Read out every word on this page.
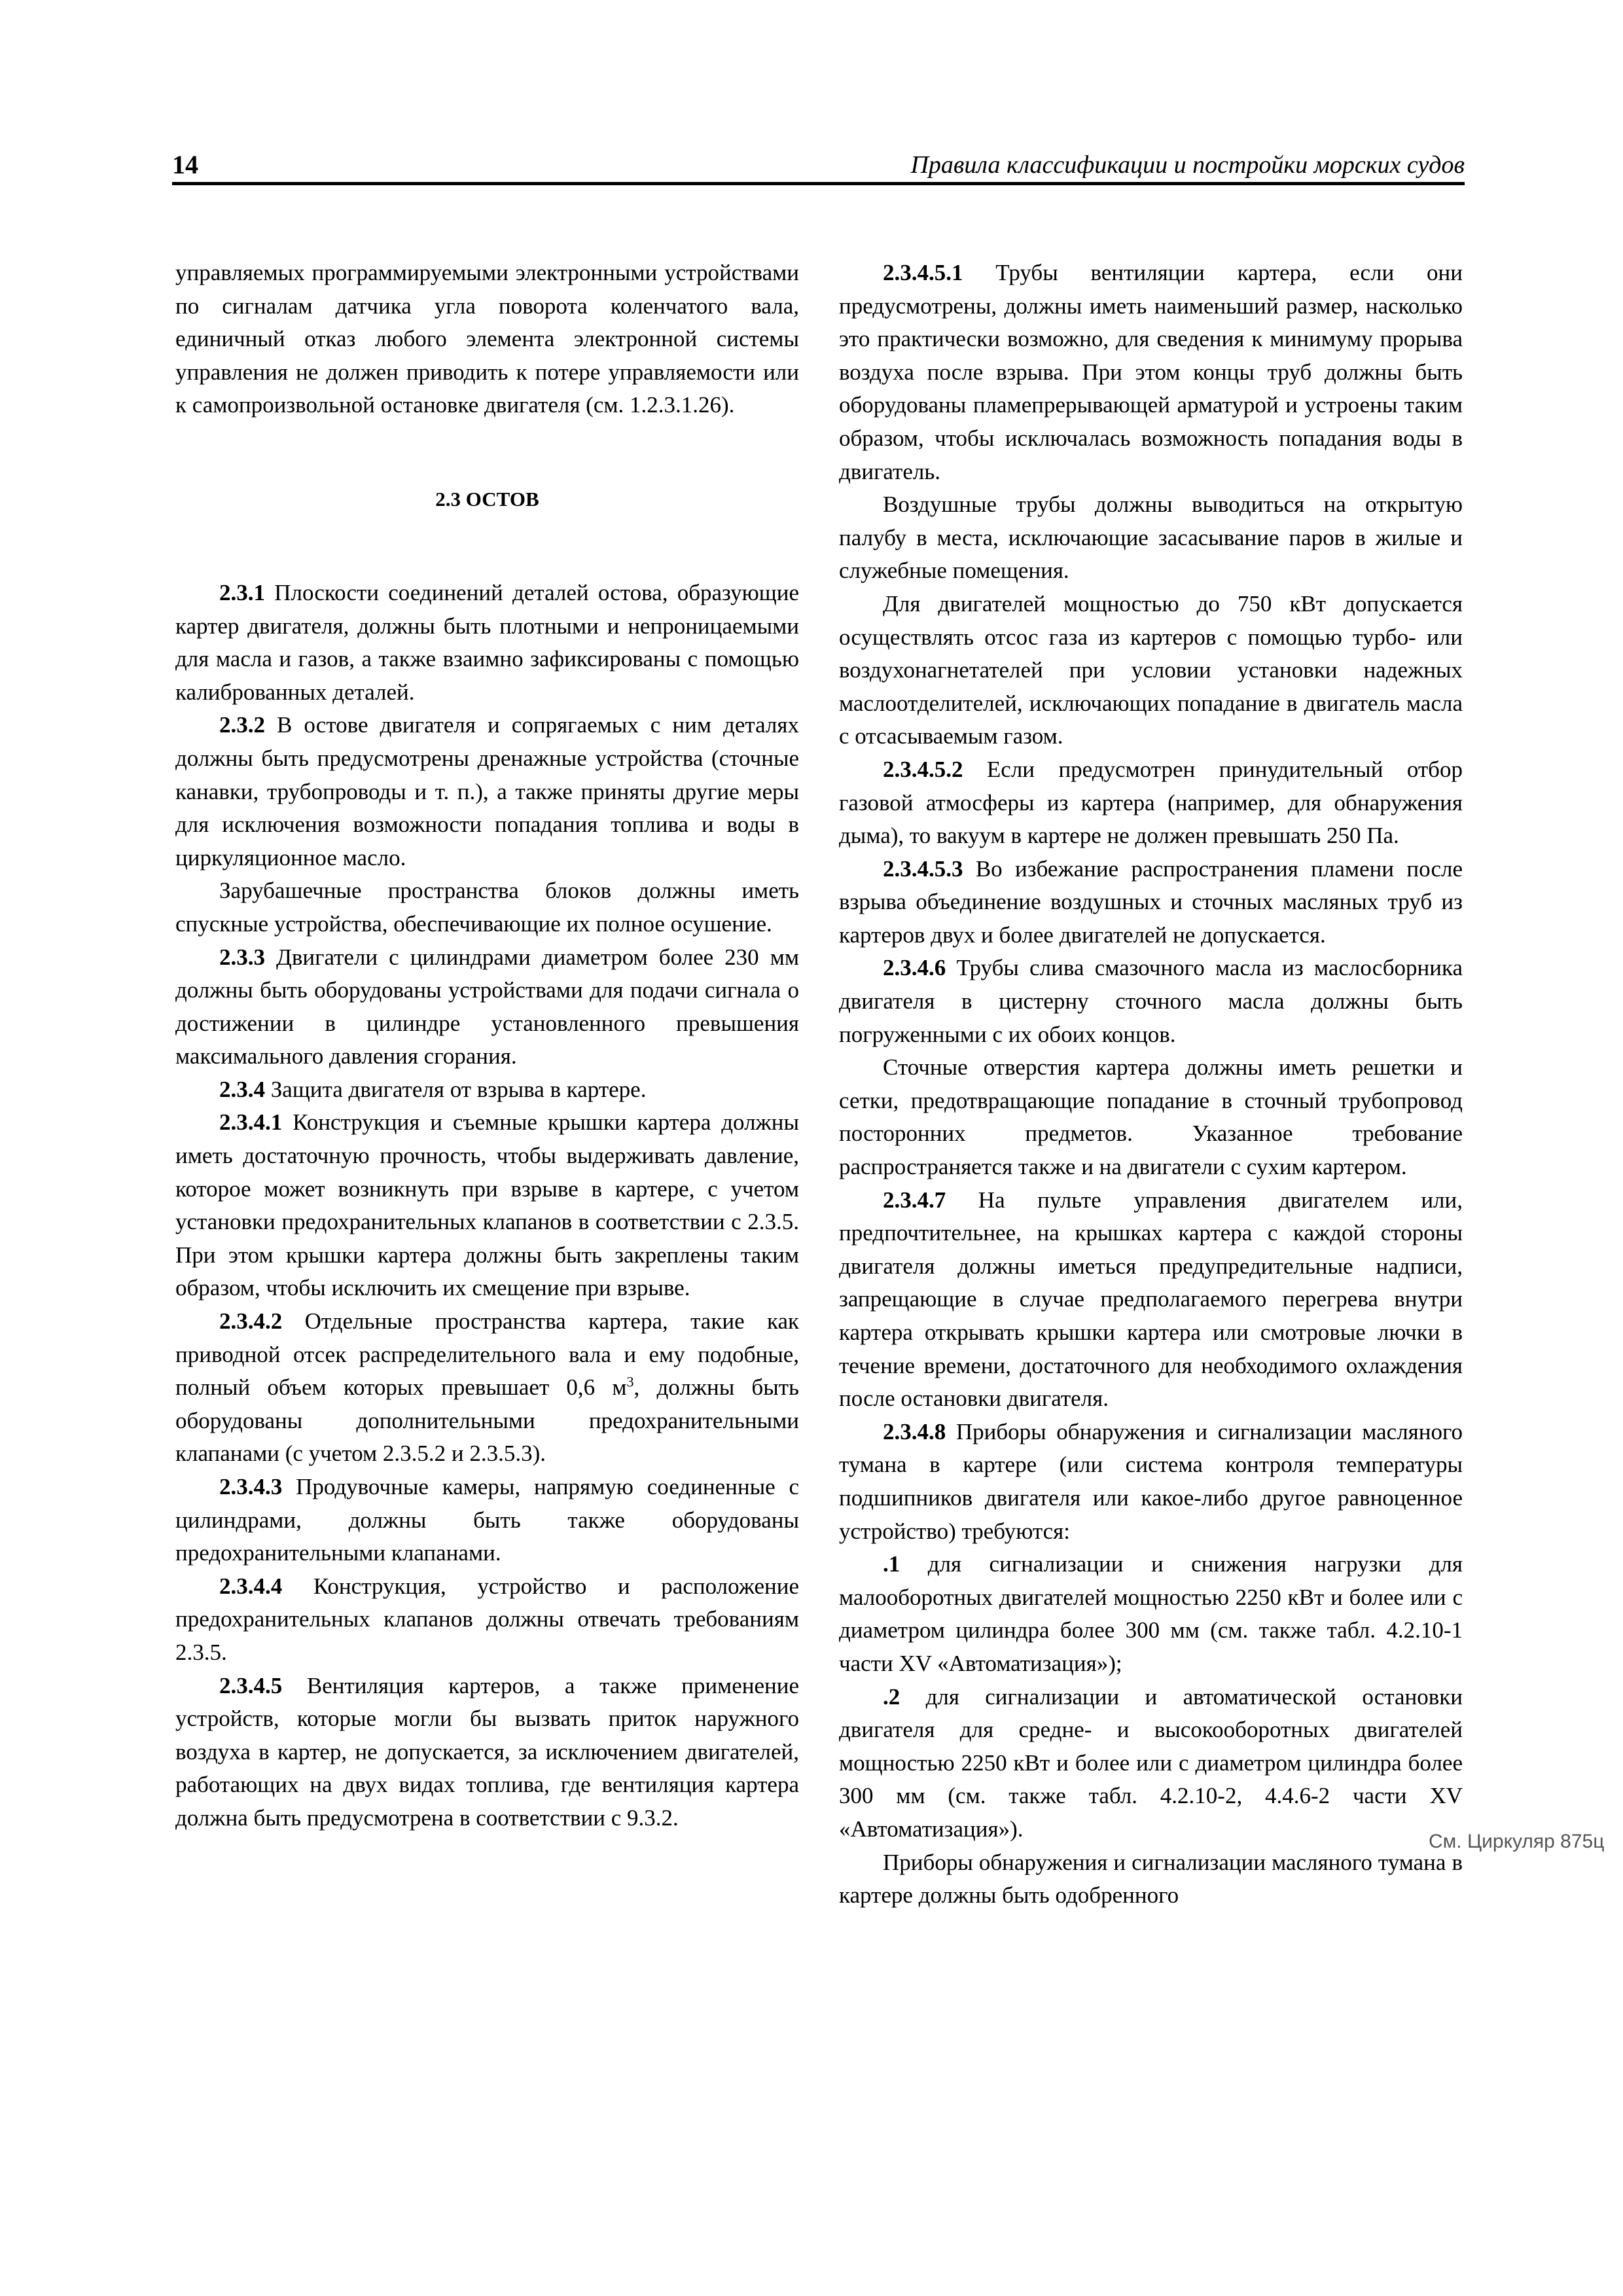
14	Правила классификации и постройки морских судов

управляемых программируемыми электронными устройствами по сигналам датчика угла поворота коленчатого вала, единичный отказ любого элемента электронной системы управления не должен приводить к потере управляемости или к самопроизвольной остановке двигателя (см. 1.2.3.1.26).

2.3 ОСТОВ

2.3.1 Плоскости соединений деталей остова, образующие картер двигателя, должны быть плотными и непроницаемыми для масла и газов, а также взаимно зафиксированы с помощью калиброванных деталей.

2.3.2 В остове двигателя и сопрягаемых с ним деталях должны быть предусмотрены дренажные устройства (сточные канавки, трубопроводы и т. п.), а также приняты другие меры для исключения возможности попадания топлива и воды в циркуляционное масло.

Зарубашечные пространства блоков должны иметь спускные устройства, обеспечивающие их полное осушение.

2.3.3 Двигатели с цилиндрами диаметром более 230 мм должны быть оборудованы устройствами для подачи сигнала о достижении в цилиндре установленного превышения максимального давления сгорания.

2.3.4 Защита двигателя от взрыва в картере.

2.3.4.1 Конструкция и съемные крышки картера должны иметь достаточную прочность, чтобы выдерживать давление, которое может возникнуть при взрыве в картере, с учетом установки предохранительных клапанов в соответствии с 2.3.5. При этом крышки картера должны быть закреплены таким образом, чтобы исключить их смещение при взрыве.

2.3.4.2 Отдельные пространства картера, такие как приводной отсек распределительного вала и ему подобные, полный объем которых превышает 0,6 $м^3$, должны быть оборудованы дополнительными предохранительными клапанами (с учетом 2.3.5.2 и 2.3.5.3).

2.3.4.3 Продувочные камеры, напрямую соединенные с цилиндрами, должны быть также оборудованы предохранительными клапанами.

2.3.4.4 Конструкция, устройство и расположение предохранительных клапанов должны отвечать требованиям 2.3.5.

2.3.4.5 Вентиляция картеров, а также применение устройств, которые могли бы вызвать приток наружного воздуха в картер, не допускается, за исключением двигателей, работающих на двух видах топлива, где вентиляция картера должна быть предусмотрена в соответствии с 9.3.2.

2.3.4.5.1 Трубы вентиляции картера, если они предусмотрены, должны иметь наименьший размер, насколько это практически возможно, для сведения к минимуму прорыва воздуха после взрыва. При этом концы труб должны быть оборудованы пламепрерывающей арматурой и устроены таким образом, чтобы исключалась возможность попадания воды в двигатель.

Воздушные трубы должны выводиться на открытую палубу в места, исключающие засасывание паров в жилые и служебные помещения.

Для двигателей мощностью до 750 кВт допускается осуществлять отсос газа из картеров с помощью турбо- или воздухонагнетателей при условии установки надежных маслоотделителей, исключающих попадание в двигатель масла с отсасываемым газом.

2.3.4.5.2 Если предусмотрен принудительный отбор газовой атмосферы из картера (например, для обнаружения дыма), то вакуум в картере не должен превышать 250 Па.

2.3.4.5.3 Во избежание распространения пламени после взрыва объединение воздушных и сточных масляных труб из картеров двух и более двигателей не допускается.

2.3.4.6 Трубы слива смазочного масла из маслосборника двигателя в цистерну сточного масла должны быть погруженными с их обоих концов.

Сточные отверстия картера должны иметь решетки и сетки, предотвращающие попадание в сточный трубопровод посторонних предметов. Указанное требование распространяется также и на двигатели с сухим картером.

2.3.4.7 На пульте управления двигателем или, предпочтительнее, на крышках картера с каждой стороны двигателя должны иметься предупредительные надписи, запрещающие в случае предполагаемого перегрева внутри картера открывать крышки картера или смотровые лючки в течение времени, достаточного для необходимого охлаждения после остановки двигателя.

2.3.4.8 Приборы обнаружения и сигнализации масляного тумана в картере (или система контроля температуры подшипников двигателя или какое-либо другое равноценное устройство) требуются:

.1 для сигнализации и снижения нагрузки для малооборотных двигателей мощностью 2250 кВт и более или с диаметром цилиндра более 300 мм (см. также табл. 4.2.10-1 части XV «Автоматизация»);

.2 для сигнализации и автоматической остановки двигателя для средне- и высокооборотных двигателей мощностью 2250 кВт и более или с диаметром цилиндра более 300 мм (см. также табл. 4.2.10-2, 4.4.6-2 части XV «Автоматизация»).

Приборы обнаружения и сигнализации масляного тумана в картере должны быть одобренного

См. Циркуляр 875ц
